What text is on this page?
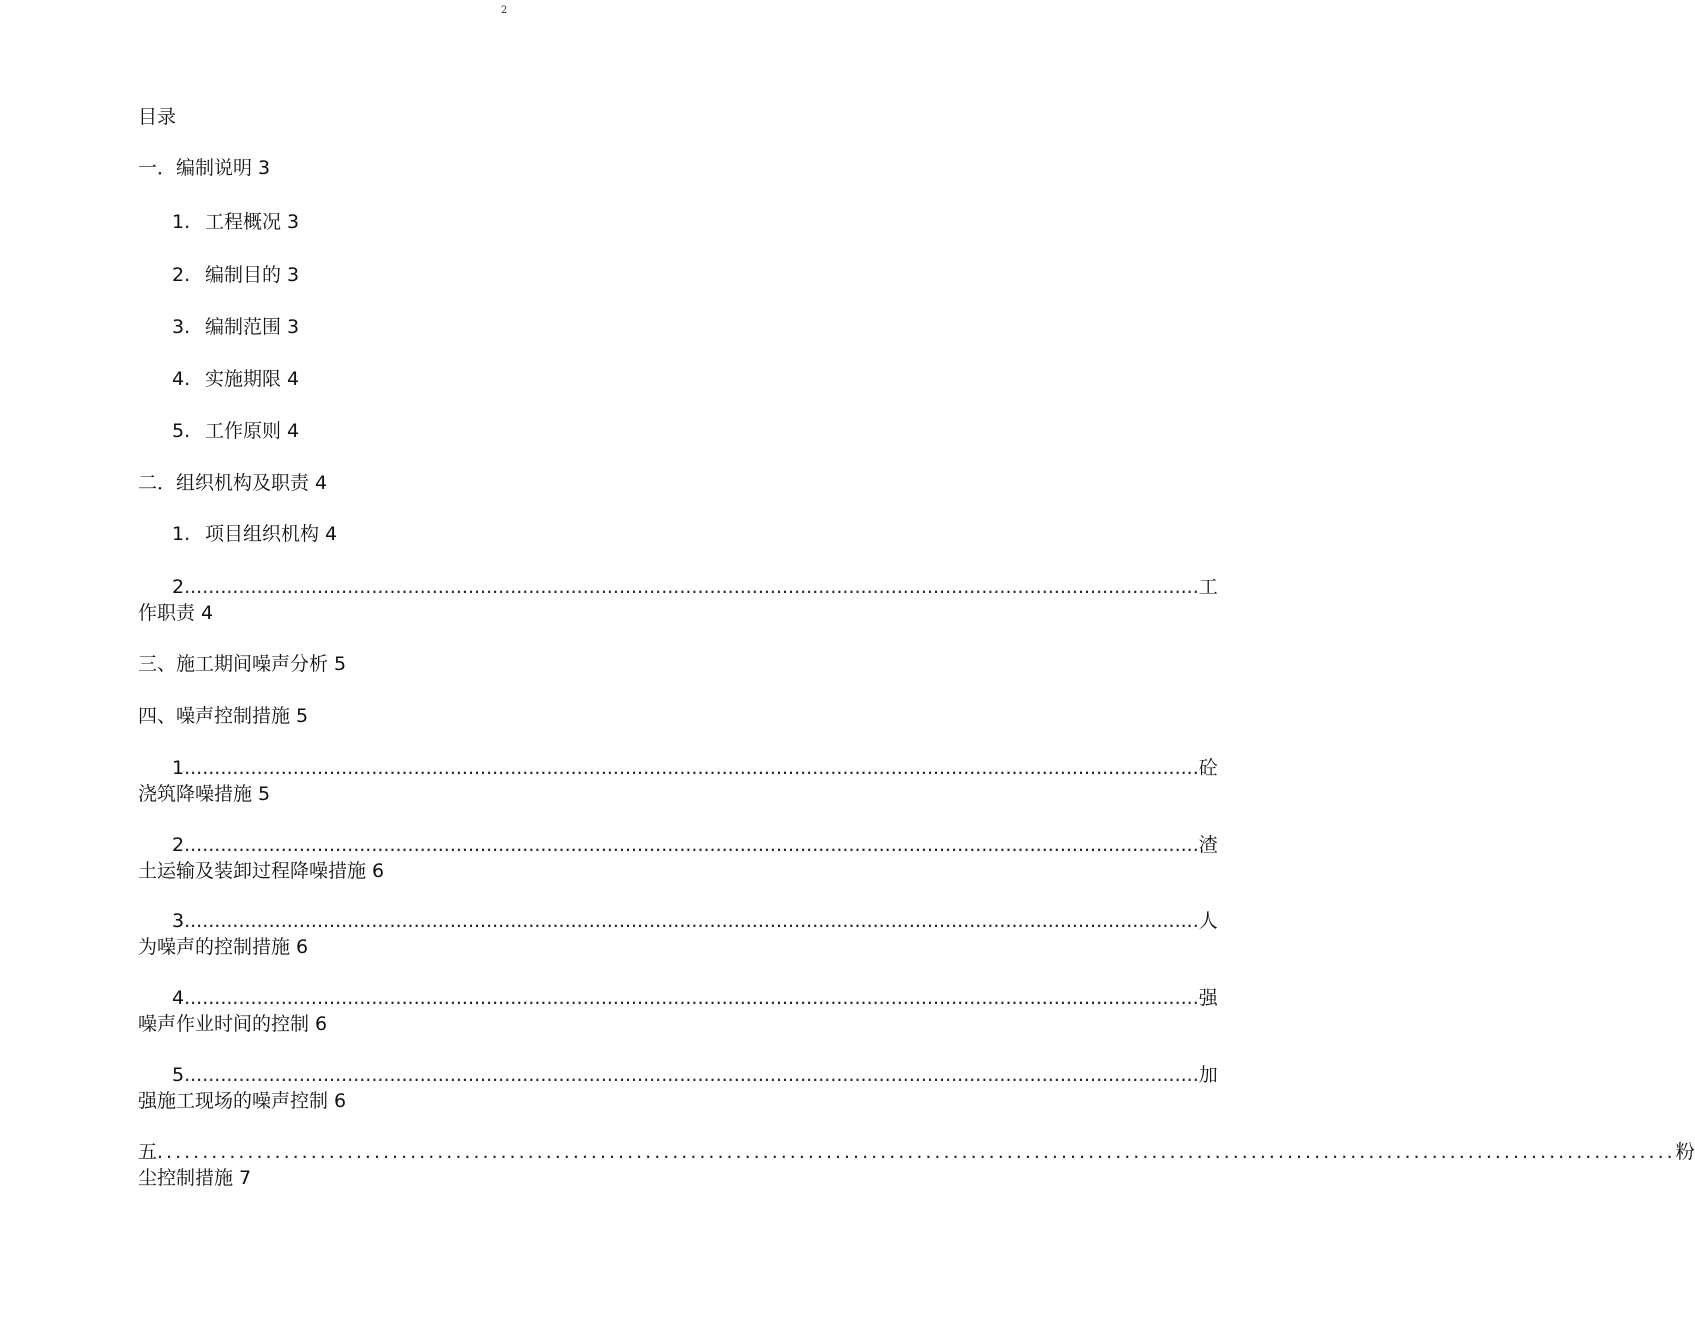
2
目录
一．编制说明 3
1. 工程概况 3
2. 编制目的 3
3. 编制范围 3
4. 实施期限 4
5. 工作原则 4
二．组织机构及职责 4
1. 项目组织机构 4
2 ........................................................................................................................................................................ 工
作职责 4
三、施工期间噪声分析 5
四、噪声控制措施 5
1 ........................................................................................................................................................................ 砼
浇筑降噪措施 5
2 ........................................................................................................................................................................ 渣
土运输及装卸过程降噪措施 6
3 ........................................................................................................................................................................ 人
为噪声的控制措施 6
4 ........................................................................................................................................................................ 强
噪声作业时间的控制 6
5 ........................................................................................................................................................................ 加
强施工现场的噪声控制 6
五 ........................................................................................................................................................................ 粉
尘控制措施 7
